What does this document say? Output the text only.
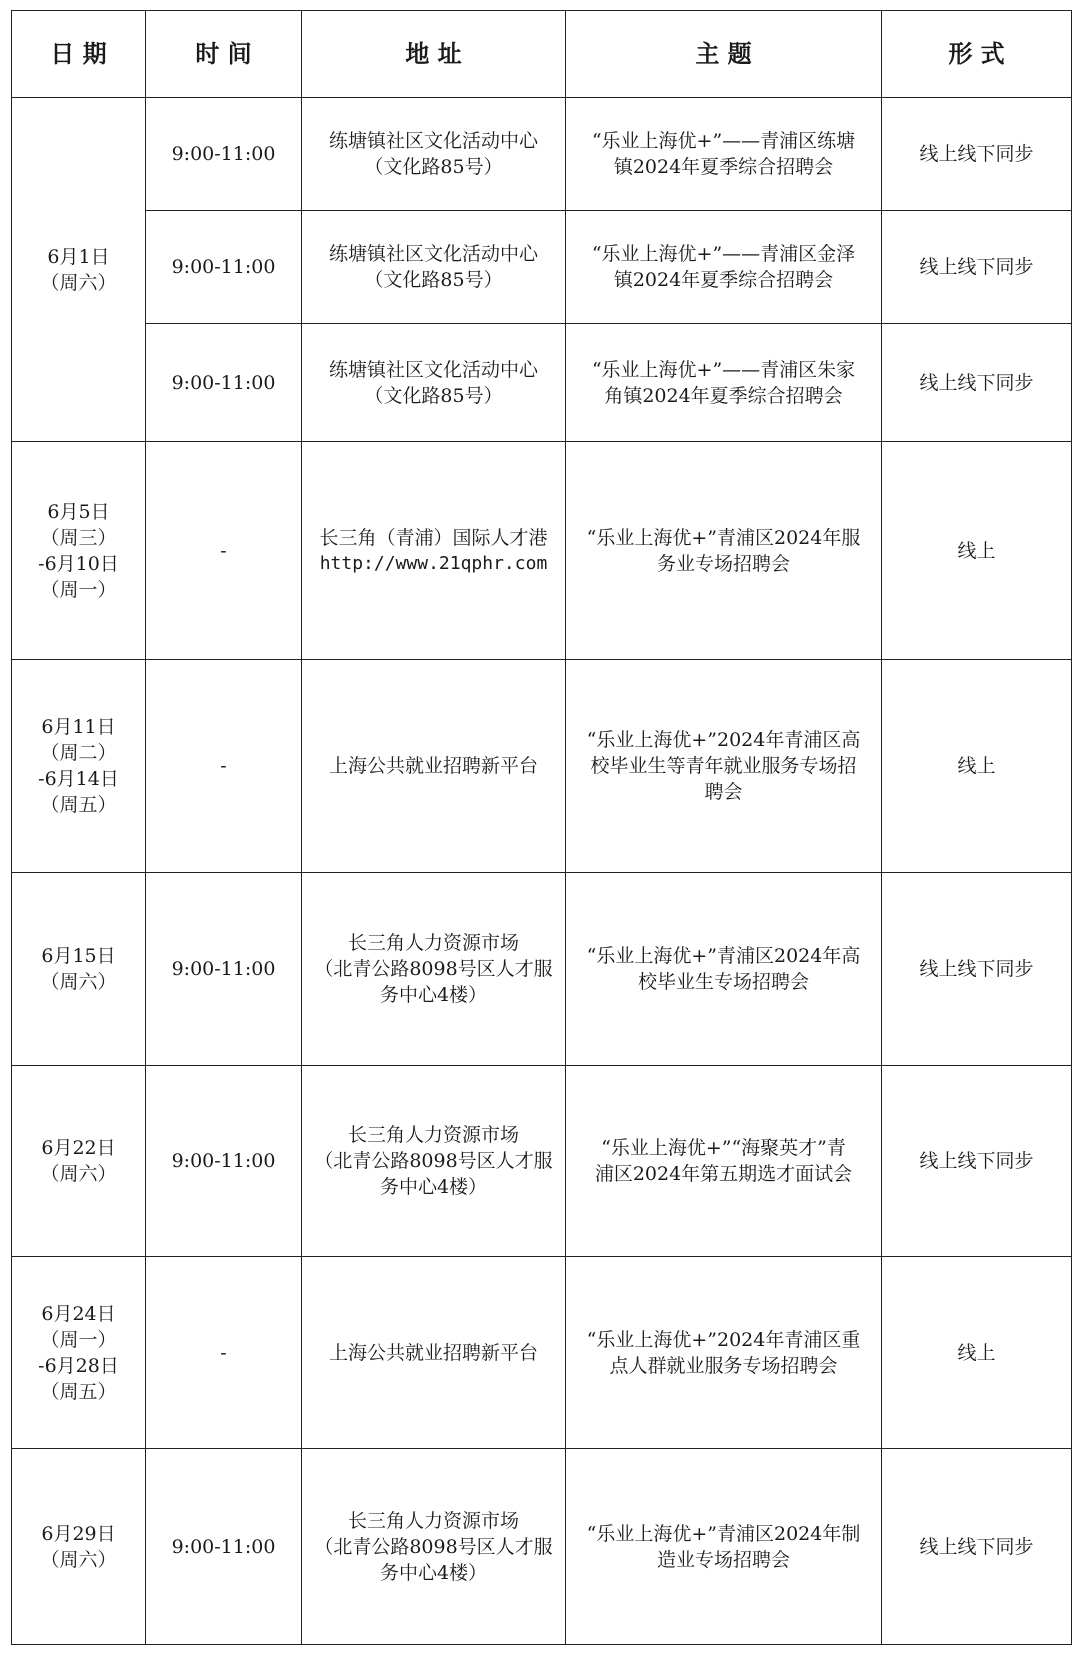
日 期	时 间	地 址	主 题	形 式

6月1日
（周六）	9:00-11:00	练塘镇社区文化活动中心
（文化路85号）	“乐业上海优+”——青浦区练塘
镇2024年夏季综合招聘会	线上线下同步
	9:00-11:00	练塘镇社区文化活动中心
（文化路85号）	“乐业上海优+”——青浦区金泽
镇2024年夏季综合招聘会	线上线下同步
	9:00-11:00	练塘镇社区文化活动中心
（文化路85号）	“乐业上海优+”——青浦区朱家
角镇2024年夏季综合招聘会	线上线下同步

6月5日
（周三）
-6月10日
（周一）	-	长三角（青浦）国际人才港
http://www.21qphr.com	“乐业上海优+”青浦区2024年服
务业专场招聘会	线上

6月11日
（周二）
-6月14日
（周五）	-	上海公共就业招聘新平台	“乐业上海优+”2024年青浦区高
校毕业生等青年就业服务专场招
聘会	线上

6月15日
（周六）	9:00-11:00	长三角人力资源市场
（北青公路8098号区人才服
务中心4楼）	“乐业上海优+”青浦区2024年高
校毕业生专场招聘会	线上线下同步

6月22日
（周六）	9:00-11:00	长三角人力资源市场
（北青公路8098号区人才服
务中心4楼）	“乐业上海优+”“海聚英才”青
浦区2024年第五期选才面试会	线上线下同步

6月24日
（周一）
-6月28日
（周五）	-	上海公共就业招聘新平台	“乐业上海优+”2024年青浦区重
点人群就业服务专场招聘会	线上

6月29日
（周六）	9:00-11:00	长三角人力资源市场
（北青公路8098号区人才服
务中心4楼）	“乐业上海优+”青浦区2024年制
造业专场招聘会	线上线下同步
